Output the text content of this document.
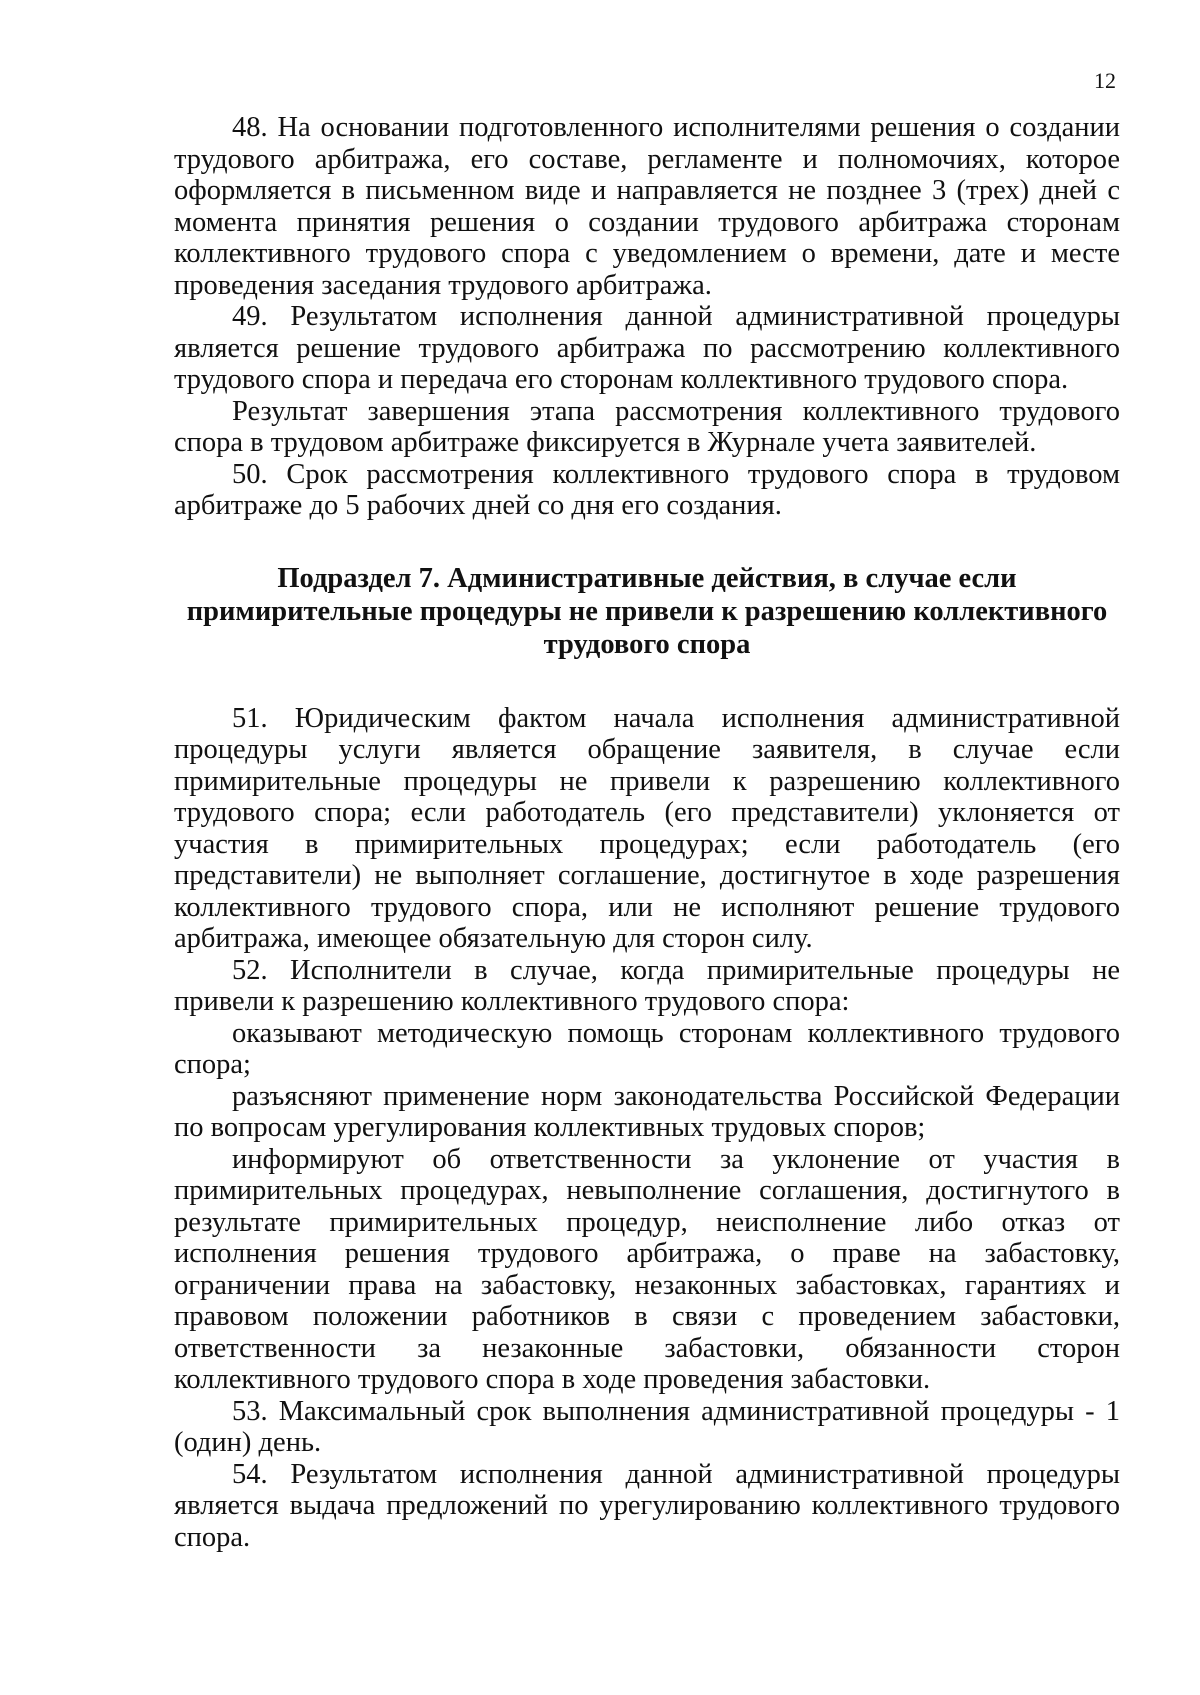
12

48. На основании подготовленного исполнителями решения о создании трудового арбитража, его составе, регламенте и полномочиях, которое оформляется в письменном виде и направляется не позднее 3 (трех) дней с момента принятия решения о создании трудового арбитража сторонам коллективного трудового спора с уведомлением о времени, дате и месте проведения заседания трудового арбитража.

49. Результатом исполнения данной административной процедуры является решение трудового арбитража по рассмотрению коллективного трудового спора и передача его сторонам коллективного трудового спора.

Результат завершения этапа рассмотрения коллективного трудового спора в трудовом арбитраже фиксируется в Журнале учета заявителей.

50. Срок рассмотрения коллективного трудового спора в трудовом арбитраже до 5 рабочих дней со дня его создания.

Подраздел 7. Административные действия, в случае если
примирительные процедуры не привели к разрешению коллективного
трудового спора

51. Юридическим фактом начала исполнения административной процедуры услуги является обращение заявителя, в случае если примирительные процедуры не привели к разрешению коллективного трудового спора; если работодатель (его представители) уклоняется от участия в примирительных процедурах; если работодатель (его представители) не выполняет соглашение, достигнутое в ходе разрешения коллективного трудового спора, или не исполняют решение трудового арбитража, имеющее обязательную для сторон силу.

52. Исполнители в случае, когда примирительные процедуры не привели к разрешению коллективного трудового спора:

оказывают методическую помощь сторонам коллективного трудового спора;

разъясняют применение норм законодательства Российской Федерации по вопросам урегулирования коллективных трудовых споров;

информируют об ответственности за уклонение от участия в примирительных процедурах, невыполнение соглашения, достигнутого в результате примирительных процедур, неисполнение либо отказ от исполнения решения трудового арбитража, о праве на забастовку, ограничении права на забастовку, незаконных забастовках, гарантиях и правовом положении работников в связи с проведением забастовки, ответственности за незаконные забастовки, обязанности сторон коллективного трудового спора в ходе проведения забастовки.

53. Максимальный срок выполнения административной процедуры - 1 (один) день.

54. Результатом исполнения данной административной процедуры является выдача предложений по урегулированию коллективного трудового спора.
